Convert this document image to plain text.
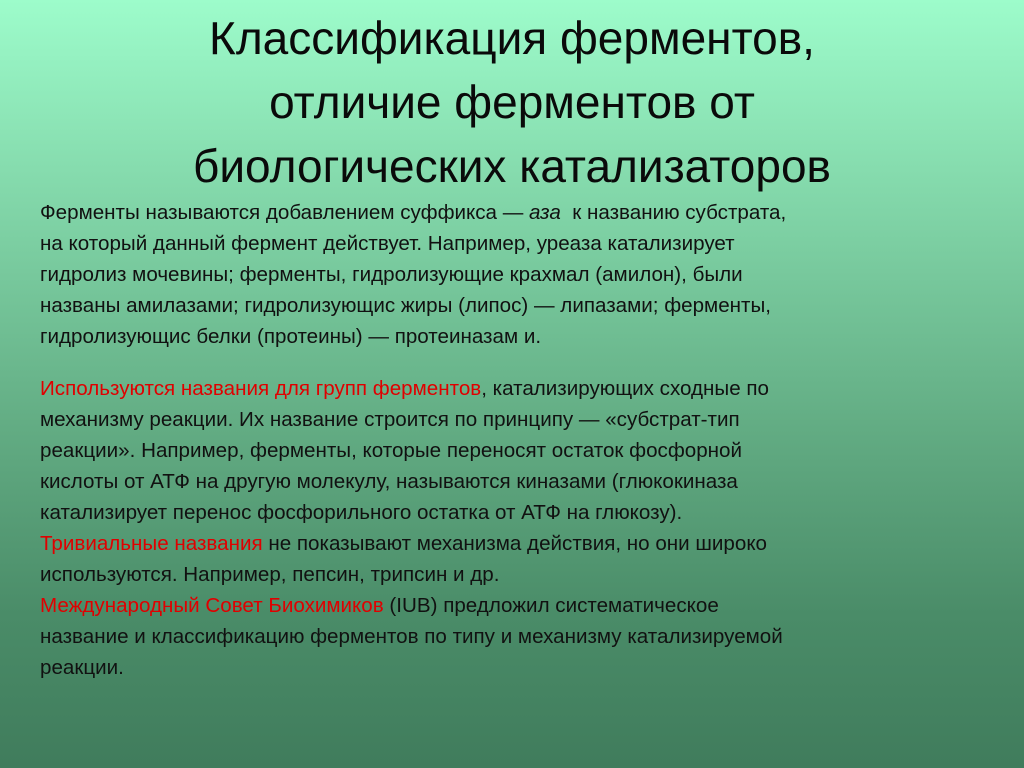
Классификация ферментов,
отличие ферментов от
биологических катализаторов
Ферменты называются добавлением суффикса — аза  к названию субстрата,
на который данный фермент действует. Например, уреаза катализирует
гидролиз мочевины; ферменты, гидролизующие крахмал (амилон), были
названы амилазами; гидролизующис жиры (липос) — липазами; ферменты,
гидролизующис белки (протеины) — протеиназам и.
Используются названия для групп ферментов, катализирующих сходные по
механизму реакции. Их название строится по принципу — «субстрат-тип
реакции». Например, ферменты, которые переносят остаток фосфорной
кислоты от АТФ на другую молекулу, называются киназами (глюкокиназа
катализирует перенос фосфорильного остатка от АТФ на глюкозу).
Тривиальные названия не показывают механизма действия, но они широко
используются. Например, пепсин, трипсин и др.
Международный Совет Биохимиков (IUB) предложил систематическое
название и классификацию ферментов по типу и механизму катализируемой
реакции.
